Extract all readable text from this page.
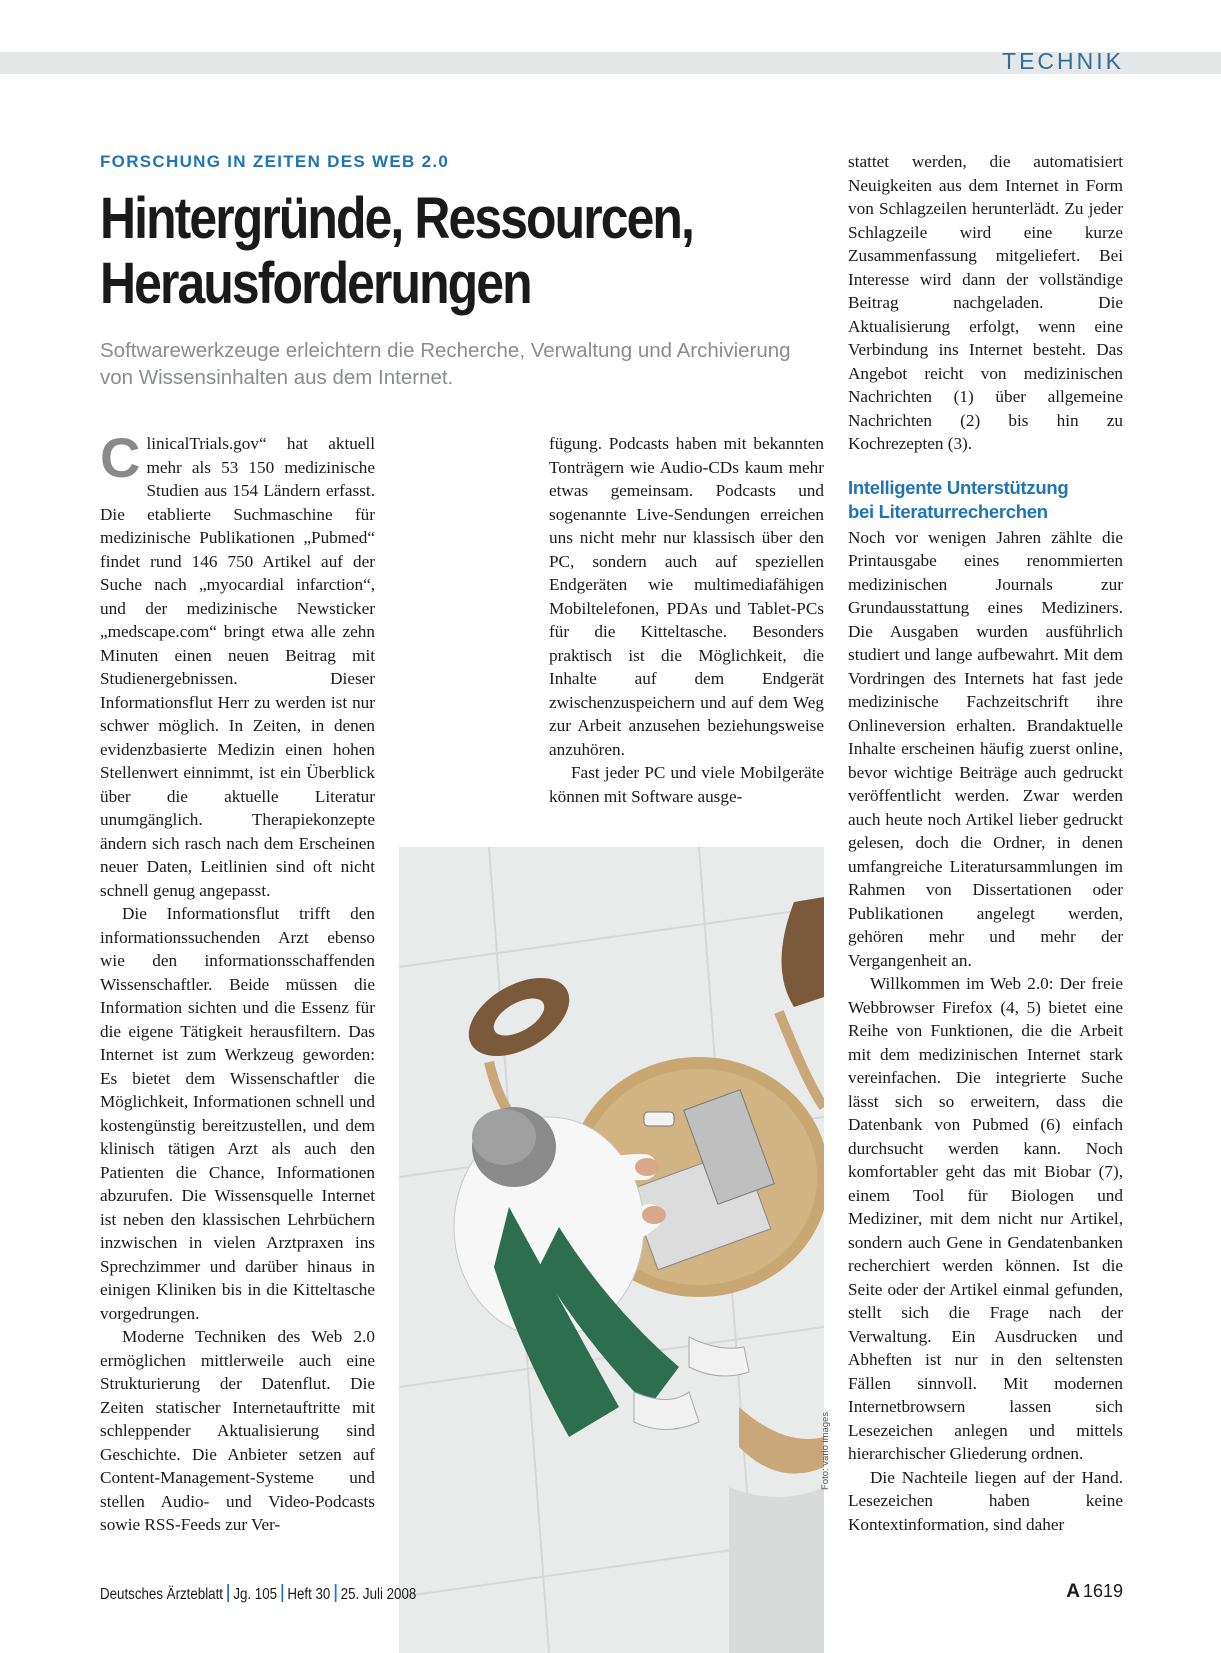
TECHNIK
FORSCHUNG IN ZEITEN DES WEB 2.0
Hintergründe, Ressourcen,
Herausforderungen
Softwarewerkzeuge erleichtern die Recherche, Verwaltung und Archivierung von Wissensinhalten aus dem Internet.

ClinicalTrials.gov“ hat aktuell mehr als 53 150 medizinische Studien aus 154 Ländern erfasst. Die etablierte Suchmaschine für medizinische Publikationen „Pubmed“ findet rund 146 750 Artikel auf der Suche nach „myocardial infarction“, und der medizinische Newsticker „medscape.com“ bringt etwa alle zehn Minuten einen neuen Beitrag mit Studienergebnissen. Dieser Informationsflut Herr zu werden ist nur schwer möglich. In Zeiten, in denen evidenzbasierte Medizin einen hohen Stellenwert einnimmt, ist ein Überblick über die aktuelle Literatur unumgänglich. Therapiekonzepte ändern sich rasch nach dem Erscheinen neuer Daten, Leitlinien sind oft nicht schnell genug angepasst.

Die Informationsflut trifft den informationssuchenden Arzt ebenso wie den informationsschaffenden Wissenschaftler. Beide müssen die Information sichten und die Essenz für die eigene Tätigkeit herausfiltern. Das Internet ist zum Werkzeug geworden: Es bietet dem Wissenschaftler die Möglichkeit, Informationen schnell und kostengünstig bereitzustellen, und dem klinisch tätigen Arzt als auch den Patienten die Chance, Informationen abzurufen. Die Wissensquelle Internet ist neben den klassischen Lehrbüchern inzwischen in vielen Arztpraxen ins Sprechzimmer und darüber hinaus in einigen Kliniken bis in die Kitteltasche vorgedrungen.

Moderne Techniken des Web 2.0 ermöglichen mittlerweile auch eine Strukturierung der Datenflut. Die Zeiten statischer Internetauftritte mit schleppender Aktualisierung sind Geschichte. Die Anbieter setzen auf Content-Management-Systeme und stellen Audio- und Video-Podcasts sowie RSS-Feeds zur Ver-

fügung. Podcasts haben mit bekannten Tonträgern wie Audio-CDs kaum mehr etwas gemeinsam. Podcasts und sogenannte Live-Sendungen erreichen uns nicht mehr nur klassisch über den PC, sondern auch auf speziellen Endgeräten wie multimediafähigen Mobiltelefonen, PDAs und Tablet-PCs für die Kitteltasche. Besonders praktisch ist die Möglichkeit, die Inhalte auf dem Endgerät zwischenzuspeichern und auf dem Weg zur Arbeit anzusehen beziehungsweise anzuhören.

Fast jeder PC und viele Mobilgeräte können mit Software ausge-

stattet werden, die automatisiert Neuigkeiten aus dem Internet in Form von Schlagzeilen herunterlädt. Zu jeder Schlagzeile wird eine kurze Zusammenfassung mitgeliefert. Bei Interesse wird dann der vollständige Beitrag nachgeladen. Die Aktualisierung erfolgt, wenn eine Verbindung ins Internet besteht. Das Angebot reicht von medizinischen Nachrichten (1) über allgemeine Nachrichten (2) bis hin zu Kochrezepten (3).

Intelligente Unterstützung
bei Literaturrecherchen

Noch vor wenigen Jahren zählte die Printausgabe eines renommierten medizinischen Journals zur Grundausstattung eines Mediziners. Die Ausgaben wurden ausführlich studiert und lange aufbewahrt. Mit dem Vordringen des Internets hat fast jede medizinische Fachzeitschrift ihre Onlineversion erhalten. Brandaktuelle Inhalte erscheinen häufig zuerst online, bevor wichtige Beiträge auch gedruckt veröffentlicht werden. Zwar werden auch heute noch Artikel lieber gedruckt gelesen, doch die Ordner, in denen umfangreiche Literatursammlungen im Rahmen von Dissertationen oder Publikationen angelegt werden, gehören mehr und mehr der Vergangenheit an.

Willkommen im Web 2.0: Der freie Webbrowser Firefox (4, 5) bietet eine Reihe von Funktionen, die die Arbeit mit dem medizinischen Internet stark vereinfachen. Die integrierte Suche lässt sich so erweitern, dass die Datenbank von Pubmed (6) einfach durchsucht werden kann. Noch komfortabler geht das mit Biobar (7), einem Tool für Biologen und Mediziner, mit dem nicht nur Artikel, sondern auch Gene in Gendatenbanken recherchiert werden können. Ist die Seite oder der Artikel einmal gefunden, stellt sich die Frage nach der Verwaltung. Ein Ausdrucken und Abheften ist nur in den seltensten Fällen sinnvoll. Mit modernen Internetbrowsern lassen sich Lesezeichen anlegen und mittels hierarchischer Gliederung ordnen.

Die Nachteile liegen auf der Hand. Lesezeichen haben keine Kontextinformation, sind daher

Foto: vario images
Deutsches Ärzteblatt Jg. 105 Heft 30 25. Juli 2008	A 1619
